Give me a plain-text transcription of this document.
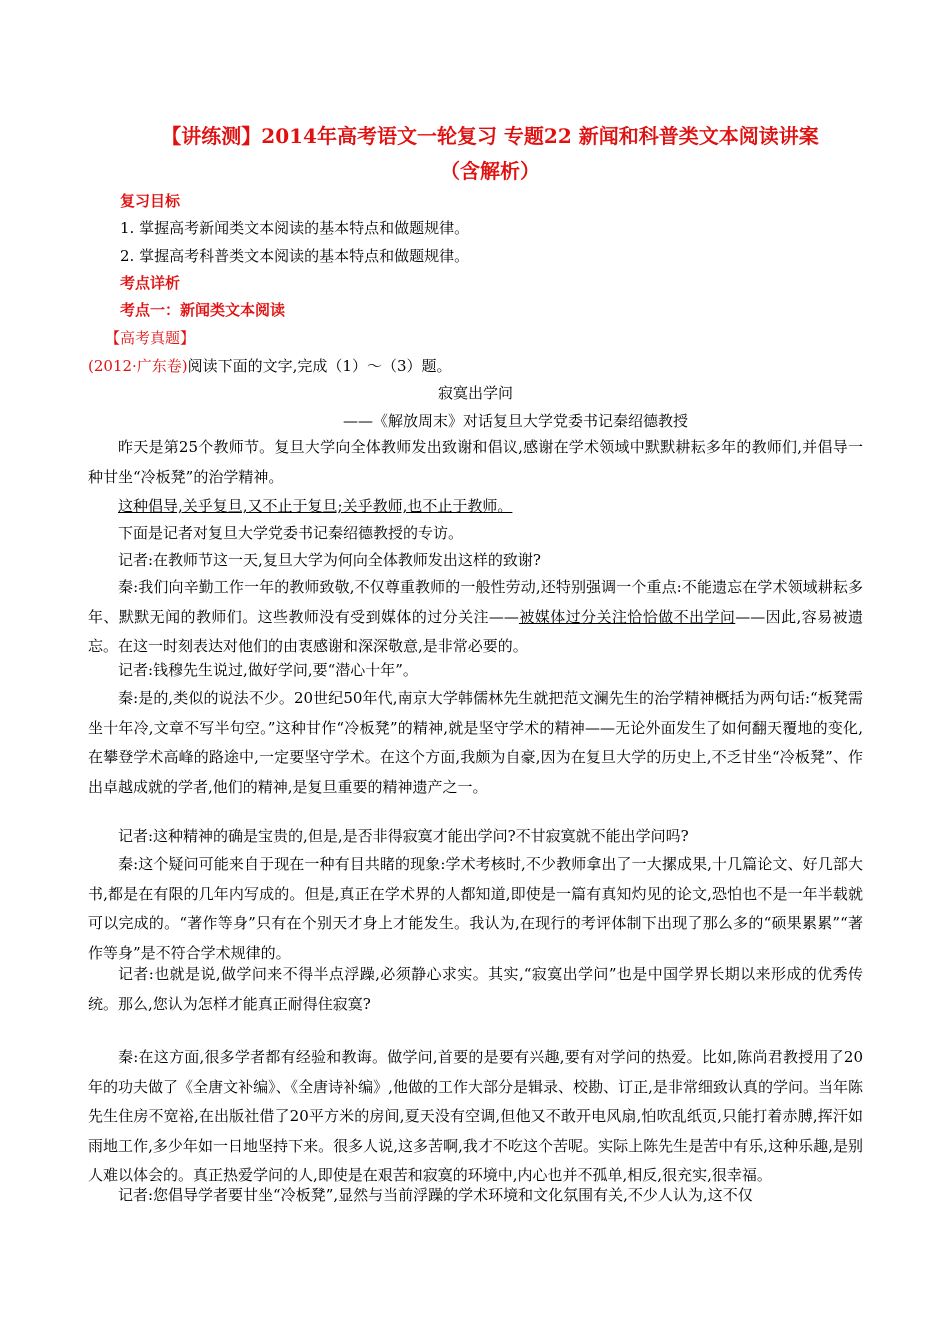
【讲练测】2014年高考语文一轮复习 专题22 新闻和科普类文本阅读讲案
（含解析）
复习目标
1. 掌握高考新闻类文本阅读的基本特点和做题规律。
2. 掌握高考科普类文本阅读的基本特点和做题规律。
考点详析
考点一：新闻类文本阅读
【高考真题】
(2012·广东卷)阅读下面的文字,完成（1）～（3）题。
寂寞出学问
——《解放周末》对话复旦大学党委书记秦绍德教授
昨天是第25个教师节。复旦大学向全体教师发出致谢和倡议,感谢在学术领域中默默耕耘多年的教师们,并倡导一种甘坐“冷板凳”的治学精神。
这种倡导,关乎复旦,又不止于复旦;关乎教师,也不止于教师。
下面是记者对复旦大学党委书记秦绍德教授的专访。
记者:在教师节这一天,复旦大学为何向全体教师发出这样的致谢?
秦:我们向辛勤工作一年的教师致敬,不仅尊重教师的一般性劳动,还特别强调一个重点:不能遗忘在学术领域耕耘多年、默默无闻的教师们。这些教师没有受到媒体的过分关注——被媒体过分关注恰恰做不出学问——因此,容易被遗忘。在这一时刻表达对他们的由衷感谢和深深敬意,是非常必要的。
记者:钱穆先生说过,做好学问,要“潜心十年”。
秦:是的,类似的说法不少。20世纪50年代,南京大学韩儒林先生就把范文澜先生的治学精神概括为两句话:“板凳需坐十年冷,文章不写半句空。”这种甘作“冷板凳”的精神,就是坚守学术的精神——无论外面发生了如何翻天覆地的变化,在攀登学术高峰的路途中,一定要坚守学术。在这个方面,我颇为自豪,因为在复旦大学的历史上,不乏甘坐“冷板凳”、作出卓越成就的学者,他们的精神,是复旦重要的精神遗产之一。
记者:这种精神的确是宝贵的,但是,是否非得寂寞才能出学问?不甘寂寞就不能出学问吗?
秦:这个疑问可能来自于现在一种有目共睹的现象:学术考核时,不少教师拿出了一大摞成果,十几篇论文、好几部大书,都是在有限的几年内写成的。但是,真正在学术界的人都知道,即使是一篇有真知灼见的论文,恐怕也不是一年半载就可以完成的。“著作等身”只有在个别天才身上才能发生。我认为,在现行的考评体制下出现了那么多的“硕果累累”“著作等身”是不符合学术规律的。
记者:也就是说,做学问来不得半点浮躁,必须静心求实。其实,“寂寞出学问”也是中国学界长期以来形成的优秀传统。那么,您认为怎样才能真正耐得住寂寞?
秦:在这方面,很多学者都有经验和教诲。做学问,首要的是要有兴趣,要有对学问的热爱。比如,陈尚君教授用了20年的功夫做了《全唐文补编》、《全唐诗补编》,他做的工作大部分是辑录、校勘、订正,是非常细致认真的学问。当年陈先生住房不宽裕,在出版社借了20平方米的房间,夏天没有空调,但他又不敢开电风扇,怕吹乱纸页,只能打着赤膊,挥汗如雨地工作,多少年如一日地坚持下来。很多人说,这多苦啊,我才不吃这个苦呢。实际上陈先生是苦中有乐,这种乐趣,是别人难以体会的。真正热爱学问的人,即使是在艰苦和寂寞的环境中,内心也并不孤单,相反,很充实,很幸福。
记者:您倡导学者要甘坐“冷板凳”,显然与当前浮躁的学术环境和文化氛围有关,不少人认为,这不仅
